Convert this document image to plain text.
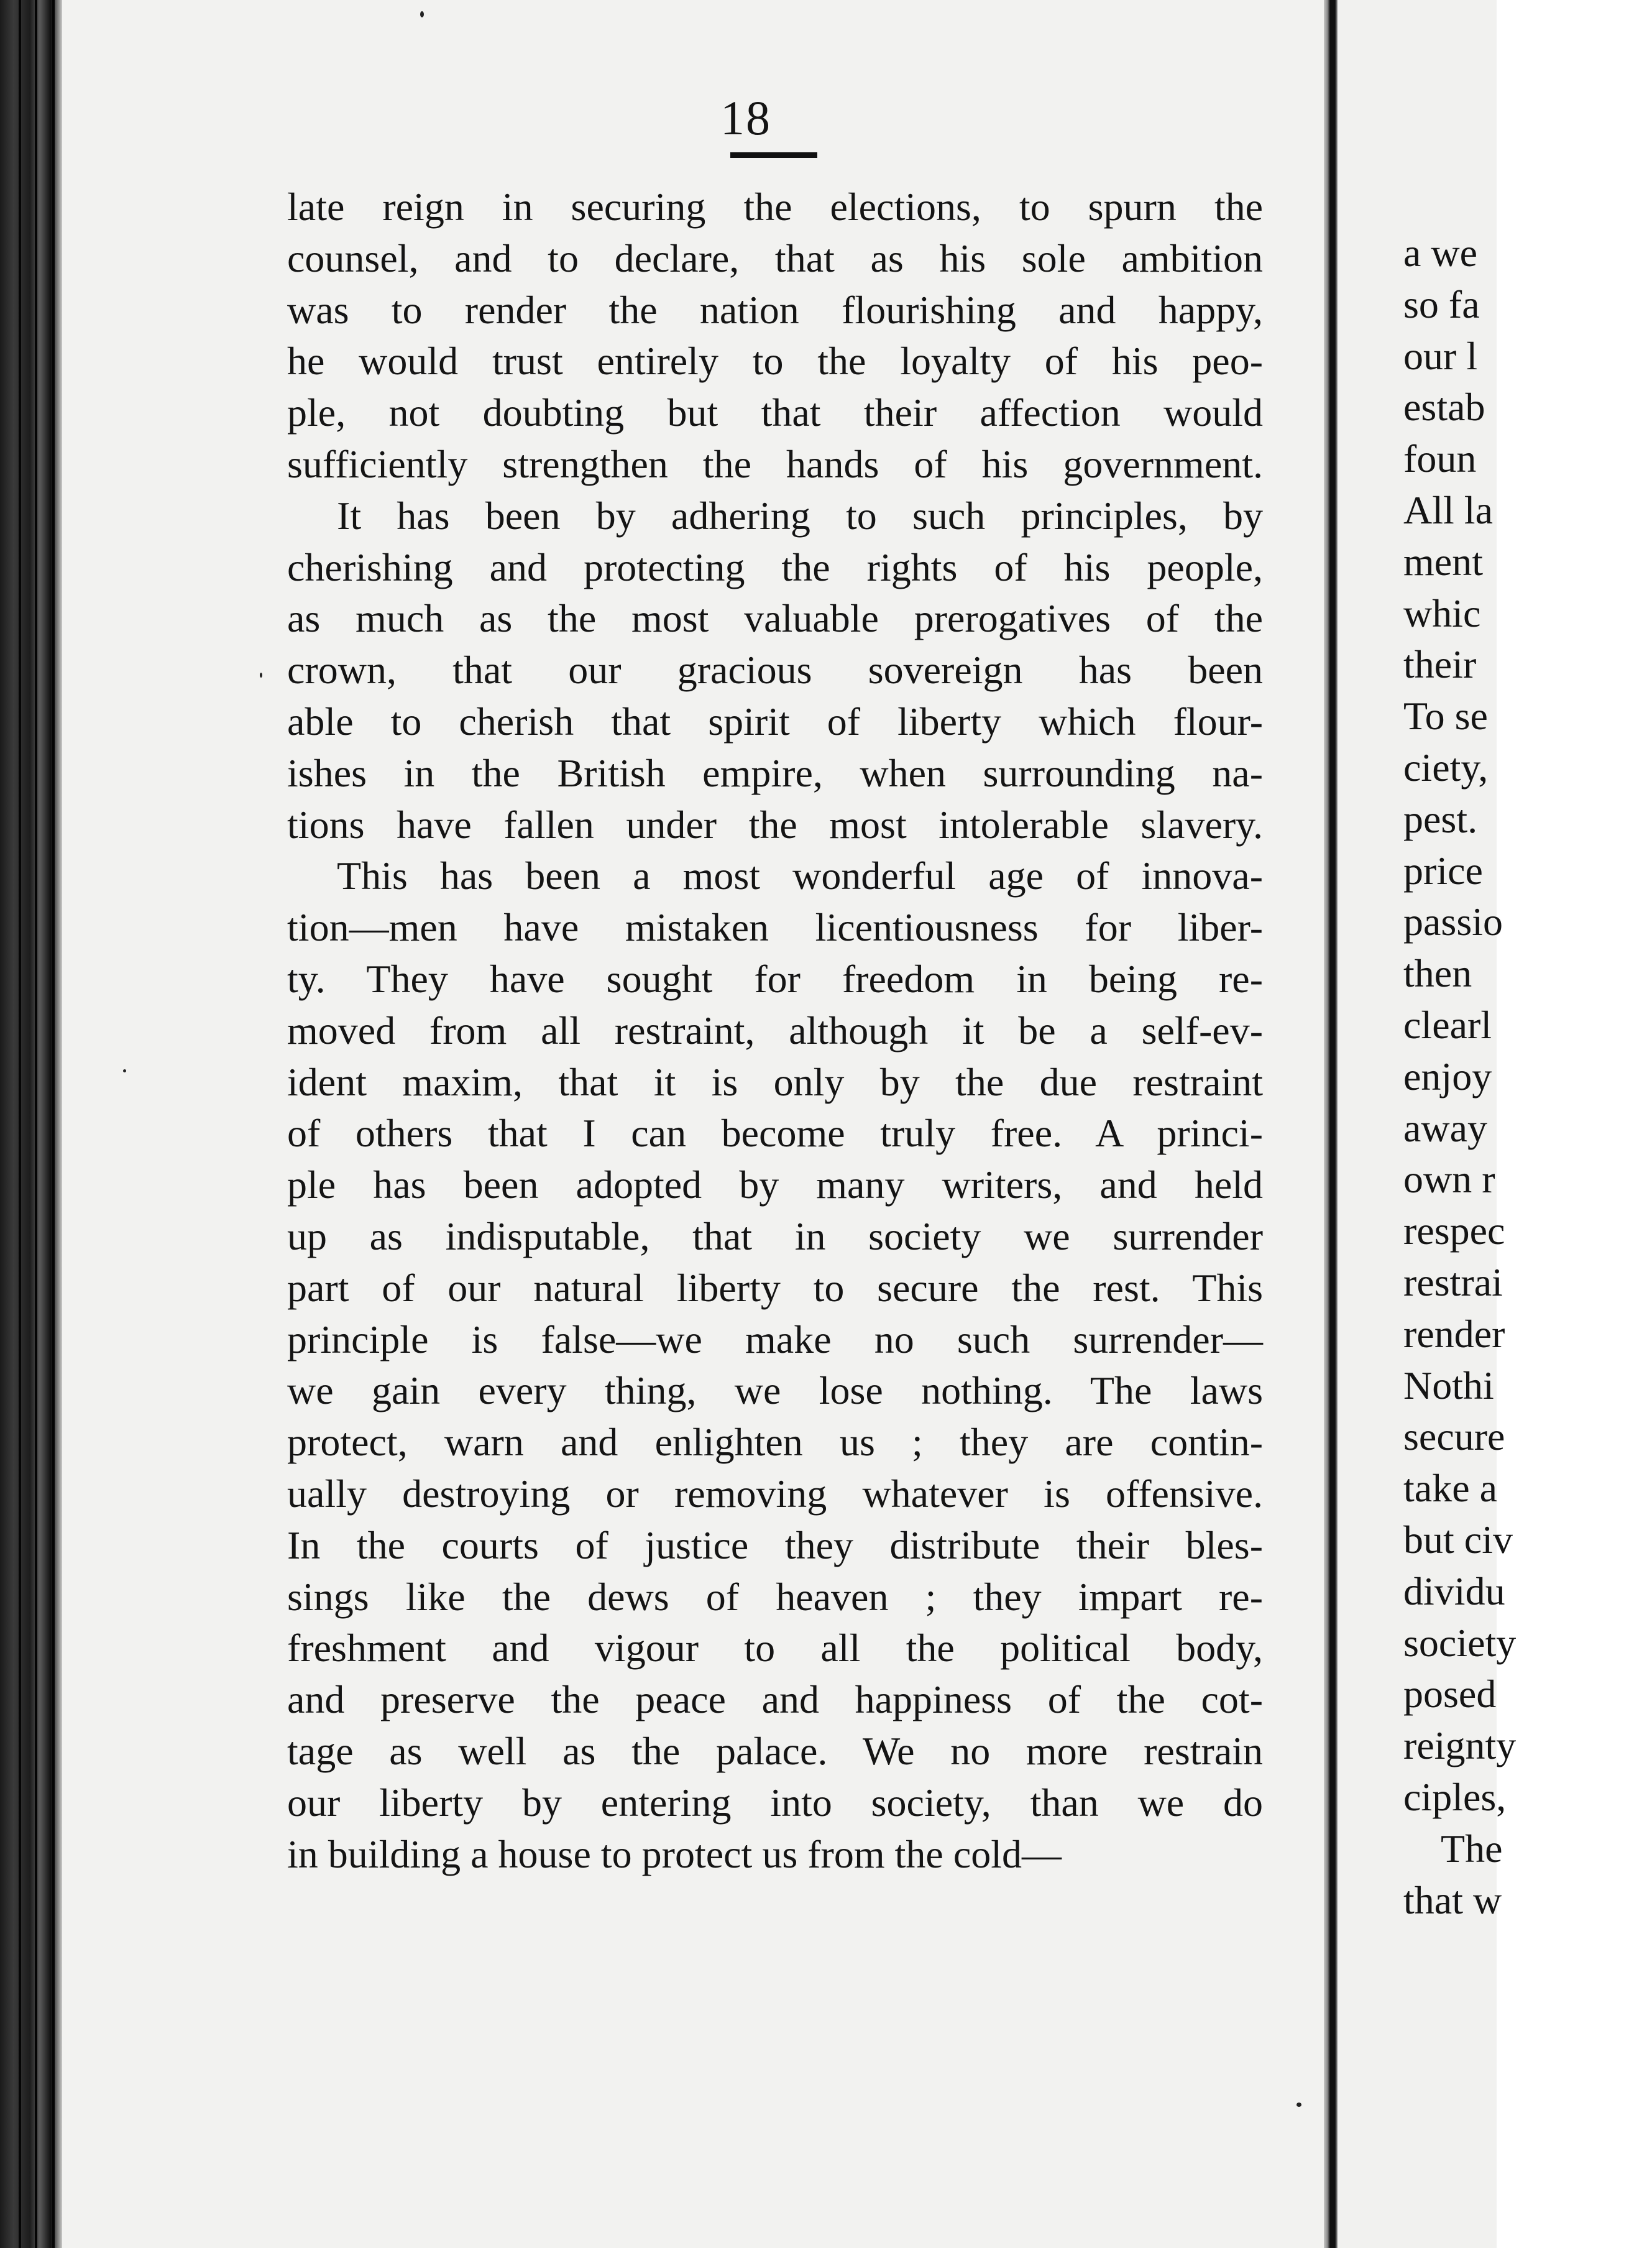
18
late reign in securing the elections, to spurn the
counsel, and to declare, that as his sole ambition
was to render the nation flourishing and happy,
he would trust entirely to the loyalty of his peo-
ple, not doubting but that their affection would
sufficiently strengthen the hands of his government.
It has been by adhering to such principles, by
cherishing and protecting the rights of his people,
as much as the most valuable prerogatives of the
crown, that our gracious sovereign has been
able to cherish that spirit of liberty which flour-
ishes in the British empire, when surrounding na-
tions have fallen under the most intolerable slavery.
This has been a most wonderful age of innova-
tion—men have mistaken licentiousness for liber-
ty. They have sought for freedom in being re-
moved from all restraint, although it be a self-ev-
ident maxim, that it is only by the due restraint
of others that I can become truly free. A princi-
ple has been adopted by many writers, and held
up as indisputable, that in society we surrender
part of our natural liberty to secure the rest. This
principle is false—we make no such surrender—
we gain every thing, we lose nothing. The laws
protect, warn and enlighten us ; they are contin-
ually destroying or removing whatever is offensive.
In the courts of justice they distribute their bles-
sings like the dews of heaven ; they impart re-
freshment and vigour to all the political body,
and preserve the peace and happiness of the cot-
tage as well as the palace. We no more restrain
our liberty by entering into society, than we do
in building a house to protect us from the cold—
a we
so fa
our l
estab
foun
All la
ment
whic
their
To se
ciety,
pest.
price
passio
then
clearl
enjoy
away
own r
respec
restrai
render
Nothi
secure
take a
but civ
dividu
society
posed
reignty
ciples,
The
that w
